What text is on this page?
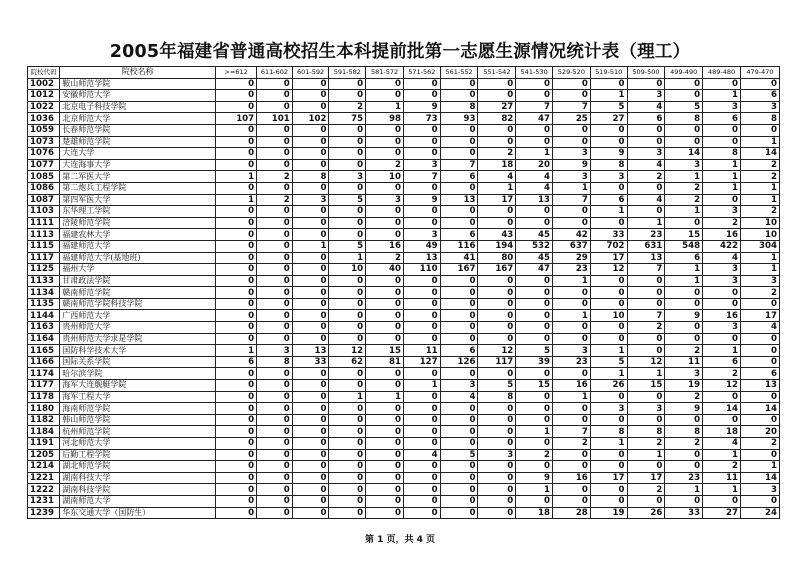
2005年福建省普通高校招生本科提前批第一志愿生源情况统计表（理工）
院校代码	院校名称	>=612	611-602	601-592	591-582	581-572	571-562	561-552	551-542	541-530	529-520	519-510	509-500	499-490	489-480	479-470
1002	鞍山师范学院	0	0	0	0	0	0	0	0	0	0	0	0	0	0	0
1012	安徽师范大学	0	0	0	0	0	0	0	0	0	0	1	3	0	1	6
1022	北京电子科技学院	0	0	0	2	1	9	8	27	7	7	5	4	5	3	3
1036	北京师范大学	107	101	102	75	98	73	93	82	47	25	27	6	8	6	8
1059	长春师范学院	0	0	0	0	0	0	0	0	0	0	0	0	0	0	0
1073	楚雄师范学院	0	0	0	0	0	0	0	0	0	0	0	0	0	0	1
1076	大连大学	0	0	0	0	0	0	0	2	1	3	9	3	14	8	14
1077	大连海事大学	0	0	0	0	2	3	7	18	20	9	8	4	3	1	2
1085	第二军医大学	1	2	8	3	10	7	6	4	4	3	3	2	1	1	2
1086	第二炮兵工程学院	0	0	0	0	0	0	0	1	4	1	0	0	2	1	1
1087	第四军医大学	1	2	3	5	3	9	13	17	13	7	6	4	2	0	1
1103	东华理工学院	0	0	0	0	0	0	0	0	0	0	1	0	1	3	2
1111	涪陵师范学院	0	0	0	0	0	0	0	0	0	0	0	1	0	2	10
1113	福建农林大学	0	0	0	0	0	3	6	43	45	42	33	23	15	16	10
1115	福建师范大学	0	0	1	5	16	49	116	194	532	637	702	631	548	422	304
1117	福建师范大学(基地班)	0	0	0	1	2	13	41	80	45	29	17	13	6	4	1
1125	福州大学	0	0	0	10	40	110	167	167	47	23	12	7	1	3	1
1133	甘肃政法学院	0	0	0	0	0	0	0	0	0	1	0	0	1	3	3
1134	赣南师范学院	0	0	0	0	0	0	0	0	0	0	0	0	0	0	2
1135	赣南师范学院科技学院	0	0	0	0	0	0	0	0	0	0	0	0	0	0	0
1144	广西师范大学	0	0	0	0	0	0	0	0	0	1	10	7	9	16	17
1163	贵州师范大学	0	0	0	0	0	0	0	0	0	0	0	2	0	3	4
1164	贵州师范大学求是学院	0	0	0	0	0	0	0	0	0	0	0	0	0	0	0
1165	国防科学技术大学	1	3	13	12	15	11	6	12	5	3	1	0	2	1	0
1166	国际关系学院	6	8	33	62	81	127	126	117	39	23	5	12	11	6	0
1174	哈尔滨学院	0	0	0	0	0	0	0	0	0	0	1	1	3	2	6
1177	海军大连舰艇学院	0	0	0	0	0	1	3	5	15	16	26	15	19	12	13
1178	海军工程大学	0	0	0	1	1	0	4	8	0	1	0	0	2	0	0
1180	海南师范学院	0	0	0	0	0	0	0	0	0	0	3	3	9	14	14
1182	韩山师范学院	0	0	0	0	0	0	0	0	0	0	0	0	0	0	0
1184	杭州师范学院	0	0	0	0	0	0	0	0	1	7	8	8	8	18	20
1191	河北师范大学	0	0	0	0	0	0	0	0	0	2	1	2	2	4	2
1205	后勤工程学院	0	0	0	0	0	4	5	3	2	0	0	1	0	1	0
1214	湖北师范学院	0	0	0	0	0	0	0	0	0	0	0	0	0	2	1
1221	湖南科技大学	0	0	0	0	0	0	0	0	9	16	17	17	23	11	14
1222	湖南科技学院	0	0	0	0	0	0	0	0	1	0	0	2	1	1	3
1231	湖南师范大学	0	0	0	0	0	0	0	0	0	0	0	0	0	0	0
1239	华东交通大学（国防生）	0	0	0	0	0	0	0	0	18	28	19	26	33	27	24
第 1 页，共 4 页
